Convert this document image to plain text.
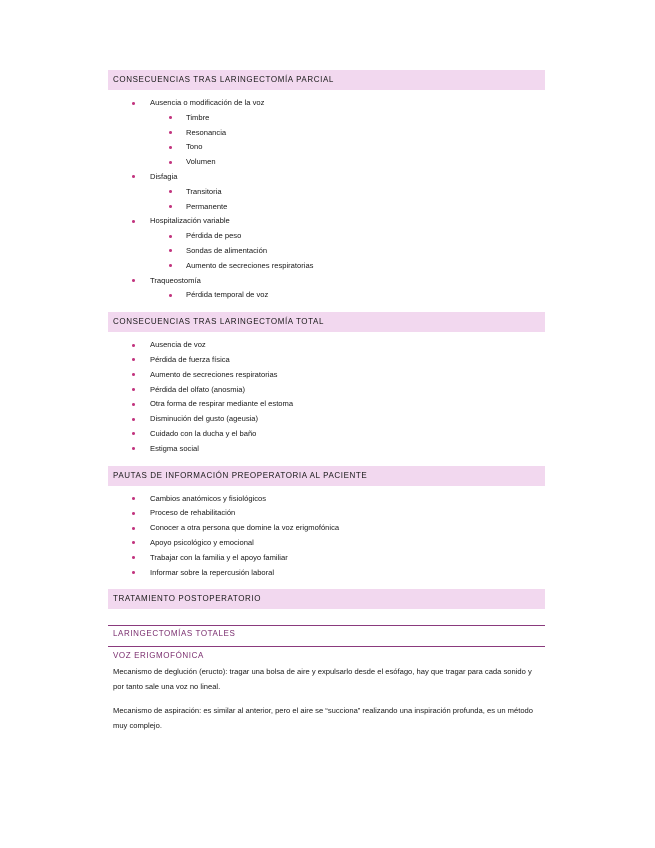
CONSECUENCIAS TRAS LARINGECTOMÍA PARCIAL
Ausencia o modificación de la voz
Timbre
Resonancia
Tono
Volumen
Disfagia
Transitoria
Permanente
Hospitalización variable
Pérdida de peso
Sondas de alimentación
Aumento de secreciones respiratorias
Traqueostomía
Pérdida temporal de voz
CONSECUENCIAS TRAS LARINGECTOMÍA TOTAL
Ausencia de voz
Pérdida de fuerza física
Aumento de secreciones respiratorias
Pérdida del olfato (anosmia)
Otra forma de respirar mediante el estoma
Disminución del gusto (ageusia)
Cuidado con la ducha y el baño
Estigma social
PAUTAS DE INFORMACIÓN PREOPERATORIA AL PACIENTE
Cambios anatómicos y fisiológicos
Proceso de rehabilitación
Conocer a otra persona que domine la voz erigmofónica
Apoyo psicológico y emocional
Trabajar con la familia y el apoyo familiar
Informar sobre la repercusión laboral
TRATAMIENTO POSTOPERATORIO
LARINGECTOMÍAS TOTALES
VOZ ERIGMOFÓNICA

Mecanismo de deglución (eructo): tragar una bolsa de aire y expulsarlo desde el esófago, hay que tragar para cada sonido y por tanto sale una voz no lineal.

Mecanismo de aspiración: es similar al anterior, pero el aire se “succiona” realizando una inspiración profunda, es un método muy complejo.
